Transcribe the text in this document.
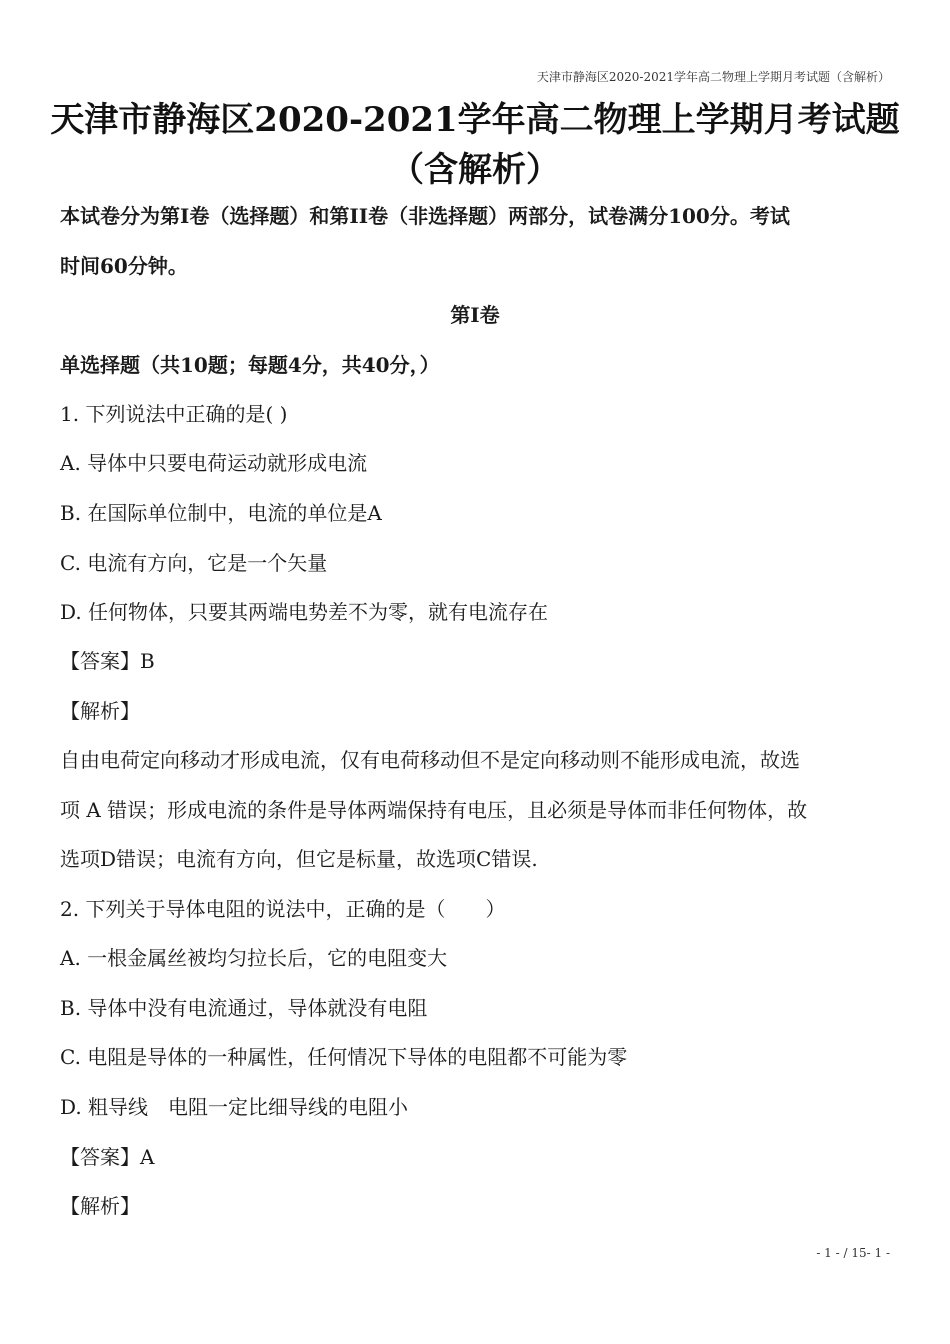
天津市静海区2020-2021学年高二物理上学期月考试题（含解析）
天津市静海区2020-2021学年高二物理上学期月考试题
（含解析）
本试卷分为第I卷（选择题）和第II卷（非选择题）两部分，试卷满分100分。考试
时间60分钟。
第I卷
单选择题（共10题；每题4分，共40分，）
1. 下列说法中正确的是( )
A. 导体中只要电荷运动就形成电流
B. 在国际单位制中，电流的单位是A
C. 电流有方向，它是一个矢量
D. 任何物体，只要其两端电势差不为零，就有电流存在
【答案】B
【解析】
自由电荷定向移动才形成电流，仅有电荷移动但不是定向移动则不能形成电流，故选
项 A 错误；形成电流的条件是导体两端保持有电压，且必须是导体而非任何物体，故
选项D错误；电流有方向，但它是标量，故选项C错误.
2. 下列关于导体电阻的说法中，正确的是（　　）
A. 一根金属丝被均匀拉长后，它的电阻变大
B. 导体中没有电流通过，导体就没有电阻
C. 电阻是导体的一种属性，任何情况下导体的电阻都不可能为零
D. 粗导线　电阻一定比细导线的电阻小
【答案】A
【解析】
- 1 - / 15- 1 -
